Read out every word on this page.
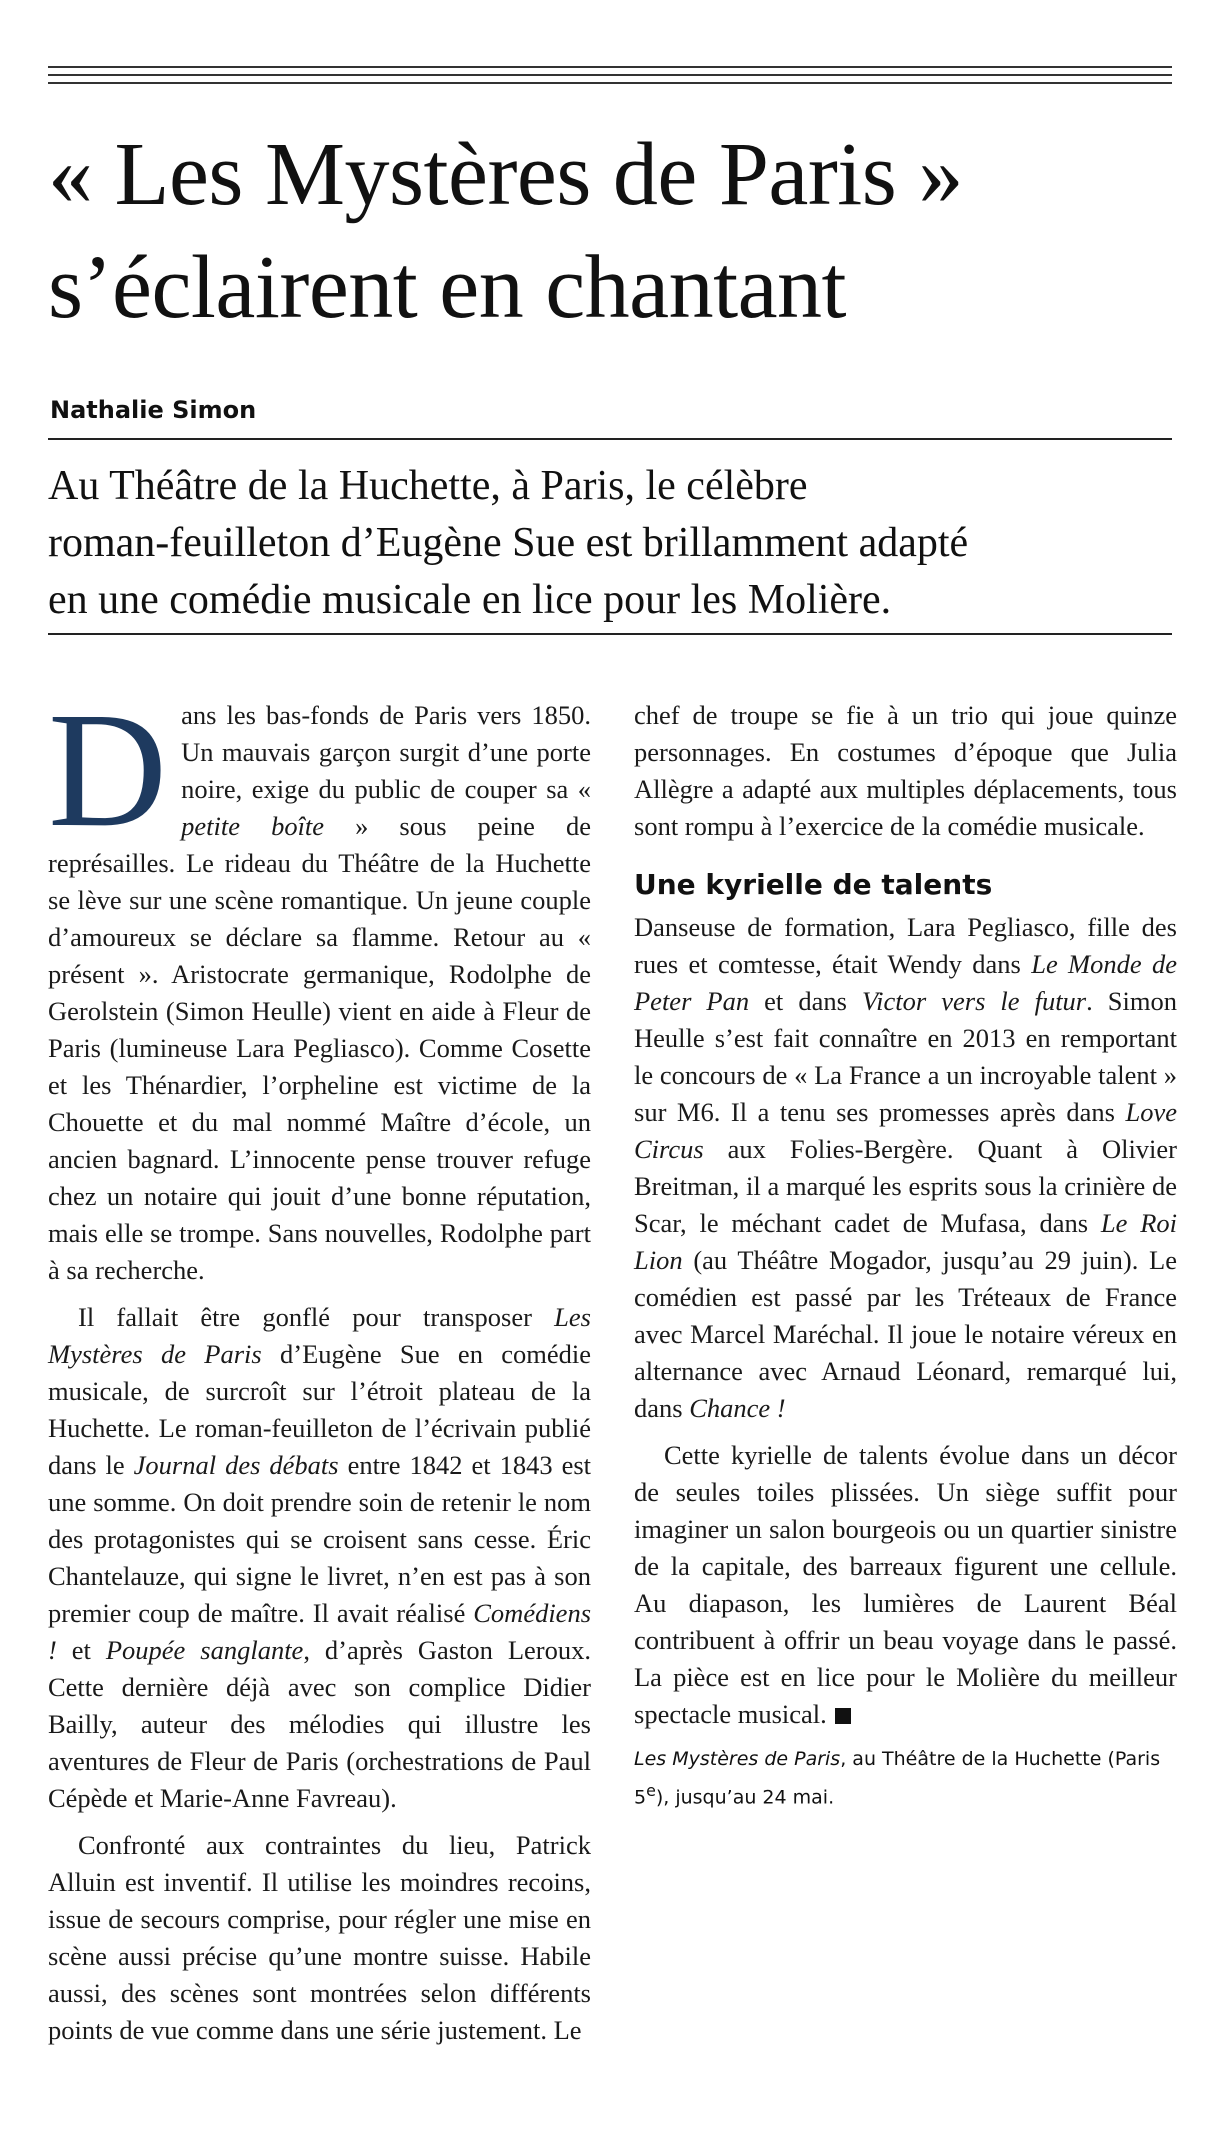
« Les Mystères de Paris »
s’éclairent en chantant
Nathalie Simon
Au Théâtre de la Huchette, à Paris, le célèbre
roman-feuilleton d’Eugène Sue est brillamment adapté
en une comédie musicale en lice pour les Molière.

Dans les bas-fonds de Paris vers 1850. Un mauvais garçon surgit d’une porte noire, exige du public de couper sa « petite boîte » sous peine de représailles. Le rideau du Théâtre de la Huchette se lève sur une scène romantique. Un jeune couple d’amoureux se déclare sa flamme. Retour au « présent ». Aristocrate germanique, Rodolphe de Gerolstein (Simon Heulle) vient en aide à Fleur de Paris (lumineuse Lara Pegliasco). Comme Cosette et les Thénardier, l’orpheline est victime de la Chouette et du mal nommé Maître d’école, un ancien bagnard. L’innocente pense trouver refuge chez un notaire qui jouit d’une bonne réputation, mais elle se trompe. Sans nouvelles, Rodolphe part à sa recherche.

Il fallait être gonflé pour transposer Les Mystères de Paris d’Eugène Sue en comédie musicale, de surcroît sur l’étroit plateau de la Huchette. Le roman-feuilleton de l’écrivain publié dans le Journal des débats entre 1842 et 1843 est une somme. On doit prendre soin de retenir le nom des protagonistes qui se croisent sans cesse. Éric Chantelauze, qui signe le livret, n’en est pas à son premier coup de maître. Il avait réalisé Comédiens ! et Poupée sanglante, d’après Gaston Leroux. Cette dernière déjà avec son complice Didier Bailly, auteur des mélodies qui illustre les aventures de Fleur de Paris (orchestrations de Paul Cépède et Marie-Anne Favreau).

Confronté aux contraintes du lieu, Patrick Alluin est inventif. Il utilise les moindres recoins, issue de secours comprise, pour régler une mise en scène aussi précise qu’une montre suisse. Habile aussi, des scènes sont montrées selon différents points de vue comme dans une série justement. Le

chef de troupe se fie à un trio qui joue quinze personnages. En costumes d’époque que Julia Allègre a adapté aux multiples déplacements, tous sont rompu à l’exercice de la comédie musicale.

Une kyrielle de talents

Danseuse de formation, Lara Pegliasco, fille des rues et comtesse, était Wendy dans Le Monde de Peter Pan et dans Victor vers le futur. Simon Heulle s’est fait connaître en 2013 en remportant le concours de « La France a un incroyable talent » sur M6. Il a tenu ses promesses après dans Love Circus aux Folies-Bergère. Quant à Olivier Breitman, il a marqué les esprits sous la crinière de Scar, le méchant cadet de Mufasa, dans Le Roi Lion (au Théâtre Mogador, jusqu’au 29 juin). Le comédien est passé par les Tréteaux de France avec Marcel Maréchal. Il joue le notaire véreux en alternance avec Arnaud Léonard, remarqué lui, dans Chance !

Cette kyrielle de talents évolue dans un décor de seules toiles plissées. Un siège suffit pour imaginer un salon bourgeois ou un quartier sinistre de la capitale, des barreaux figurent une cellule. Au diapason, les lumières de Laurent Béal contribuent à offrir un beau voyage dans le passé. La pièce est en lice pour le Molière du meilleur spectacle musical.

Les Mystères de Paris, au Théâtre de la Huchette (Paris 5e), jusqu’au 24 mai.
